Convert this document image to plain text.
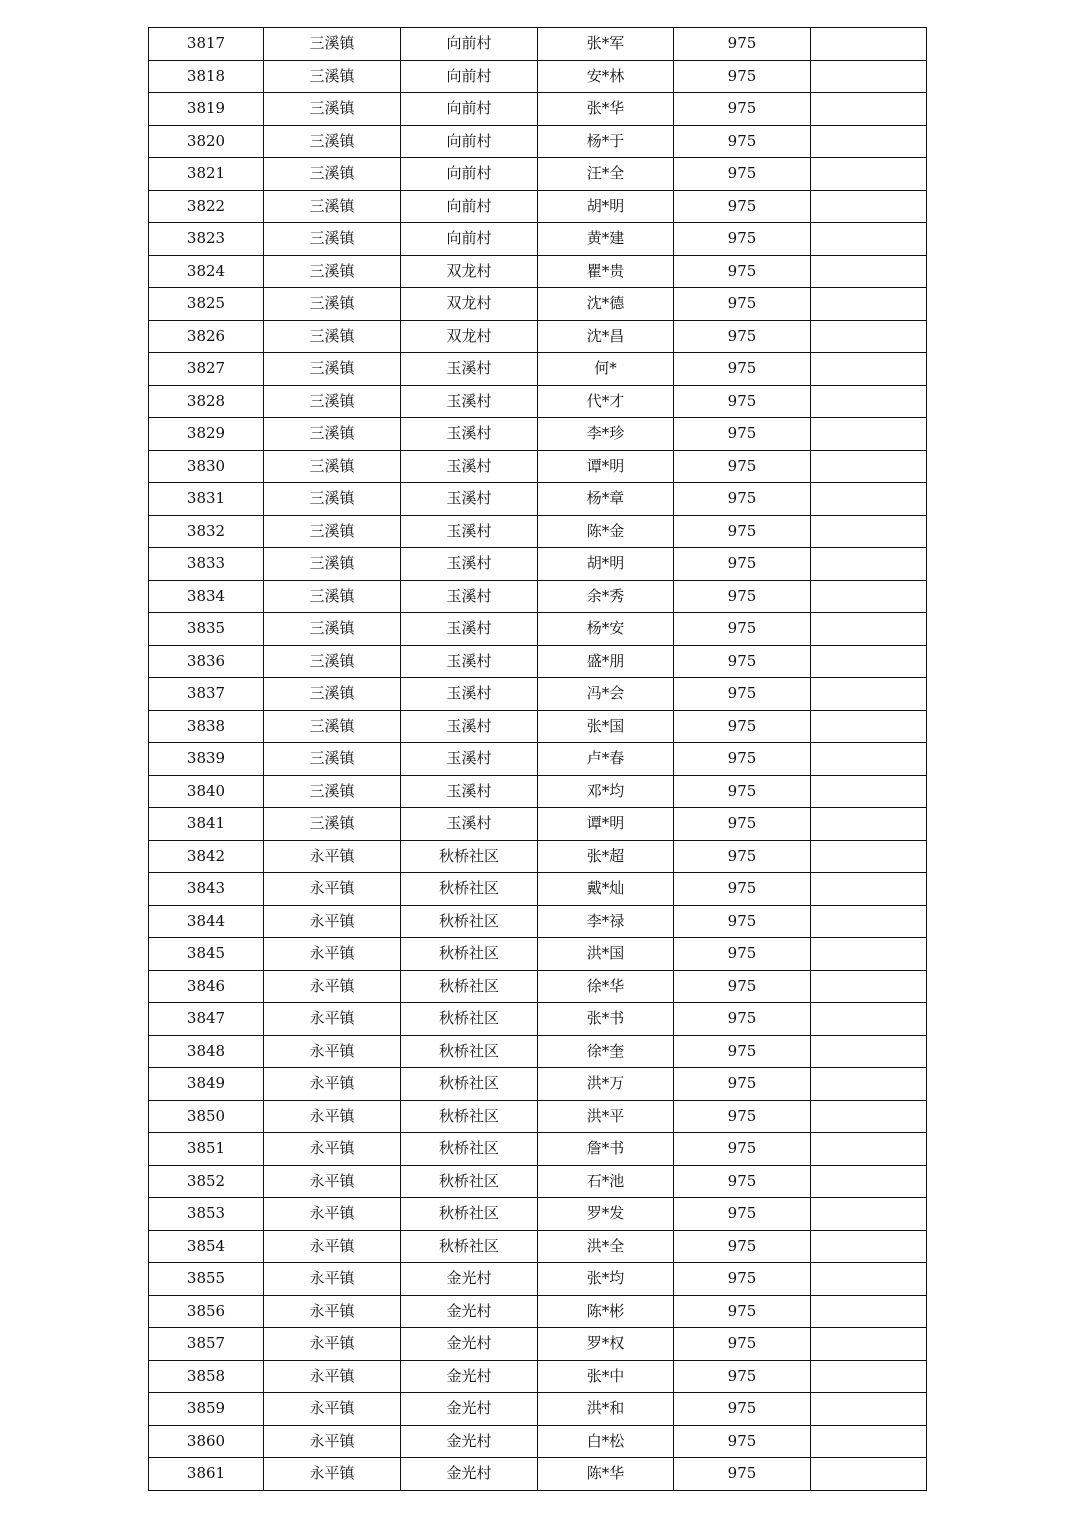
3817	三溪镇	向前村	张*军	975	
3818	三溪镇	向前村	安*林	975	
3819	三溪镇	向前村	张*华	975	
3820	三溪镇	向前村	杨*于	975	
3821	三溪镇	向前村	汪*全	975	
3822	三溪镇	向前村	胡*明	975	
3823	三溪镇	向前村	黄*建	975	
3824	三溪镇	双龙村	瞿*贵	975	
3825	三溪镇	双龙村	沈*德	975	
3826	三溪镇	双龙村	沈*昌	975	
3827	三溪镇	玉溪村	何*	975	
3828	三溪镇	玉溪村	代*才	975	
3829	三溪镇	玉溪村	李*珍	975	
3830	三溪镇	玉溪村	谭*明	975	
3831	三溪镇	玉溪村	杨*章	975	
3832	三溪镇	玉溪村	陈*金	975	
3833	三溪镇	玉溪村	胡*明	975	
3834	三溪镇	玉溪村	余*秀	975	
3835	三溪镇	玉溪村	杨*安	975	
3836	三溪镇	玉溪村	盛*朋	975	
3837	三溪镇	玉溪村	冯*会	975	
3838	三溪镇	玉溪村	张*国	975	
3839	三溪镇	玉溪村	卢*春	975	
3840	三溪镇	玉溪村	邓*均	975	
3841	三溪镇	玉溪村	谭*明	975	
3842	永平镇	秋桥社区	张*超	975	
3843	永平镇	秋桥社区	戴*灿	975	
3844	永平镇	秋桥社区	李*禄	975	
3845	永平镇	秋桥社区	洪*国	975	
3846	永平镇	秋桥社区	徐*华	975	
3847	永平镇	秋桥社区	张*书	975	
3848	永平镇	秋桥社区	徐*奎	975	
3849	永平镇	秋桥社区	洪*万	975	
3850	永平镇	秋桥社区	洪*平	975	
3851	永平镇	秋桥社区	詹*书	975	
3852	永平镇	秋桥社区	石*池	975	
3853	永平镇	秋桥社区	罗*发	975	
3854	永平镇	秋桥社区	洪*全	975	
3855	永平镇	金光村	张*均	975	
3856	永平镇	金光村	陈*彬	975	
3857	永平镇	金光村	罗*权	975	
3858	永平镇	金光村	张*中	975	
3859	永平镇	金光村	洪*和	975	
3860	永平镇	金光村	白*松	975	
3861	永平镇	金光村	陈*华	975	
